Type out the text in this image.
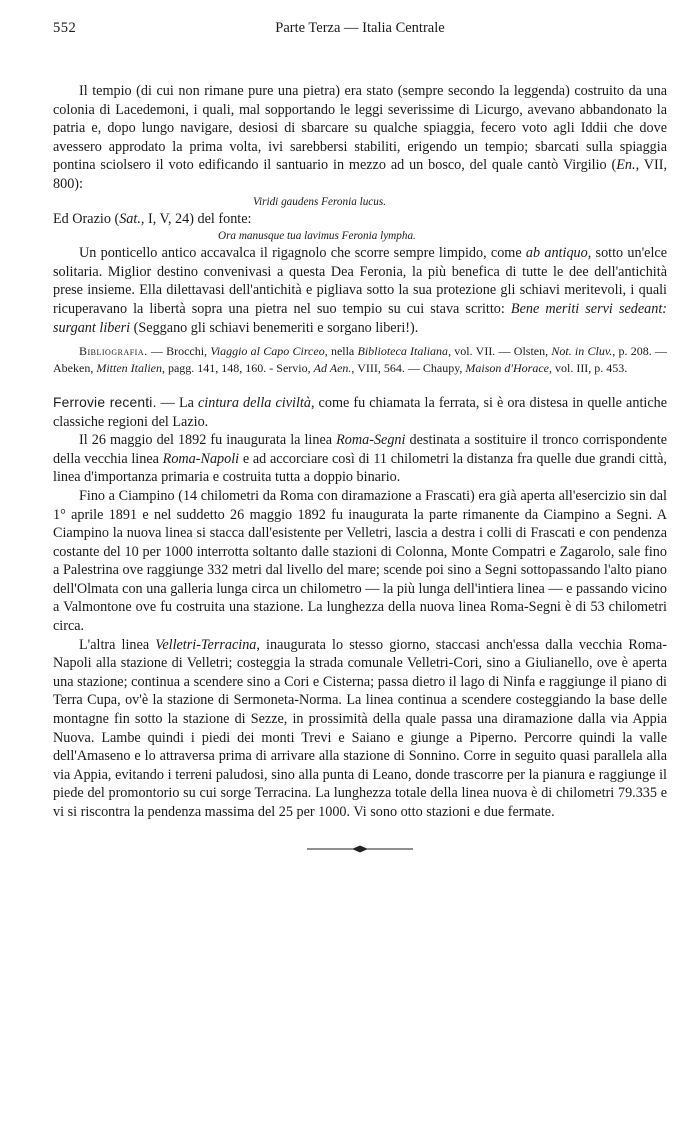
552	Parte Terza — Italia Centrale

Il tempio (di cui non rimane pure una pietra) era stato (sempre secondo la leggenda) costruito da una colonia di Lacedemoni, i quali, mal sopportando le leggi severissime di Licurgo, avevano abbandonato la patria e, dopo lungo navigare, desiosi di sbarcare su qualche spiaggia, fecero voto agli Iddii che dove avessero approdato la prima volta, ivi sarebbersi stabiliti, erigendo un tempio; sbarcati sulla spiaggia pontina sciolsero il voto edificando il santuario in mezzo ad un bosco, del quale cantò Virgilio (En., VII, 800):

Viridi gaudens Feronia lucus.

Ed Orazio (Sat., I, V, 24) del fonte:

Ora manusque tua lavimus Feronia lympha.

Un ponticello antico accavalca il rigagnolo che scorre sempre limpido, come ab antiquo, sotto un'elce solitaria. Miglior destino convenivasi a questa Dea Feronia, la più benefica di tutte le dee dell'antichità prese insieme. Ella dilettavasi dell'antichità e pigliava sotto la sua protezione gli schiavi meritevoli, i quali ricuperavano la libertà sopra una pietra nel suo tempio su cui stava scritto: Bene meriti servi sedeant: surgant liberi (Seggano gli schiavi benemeriti e sorgano liberi!).

Bibliografia. — Brocchi, Viaggio al Capo Circeo, nella Biblioteca Italiana, vol. VII. — Olsten, Not. in Cluv., p. 208. — Abeken, Mitten Italien, pagg. 141, 148, 160. - Servio, Ad Aen., VIII, 564. — Chaupy, Maison d'Horace, vol. III, p. 453.

Ferrovie recenti. — La cintura della civiltà, come fu chiamata la ferrata, si è ora distesa in quelle antiche classiche regioni del Lazio.

Il 26 maggio del 1892 fu inaugurata la linea Roma-Segni destinata a sostituire il tronco corrispondente della vecchia linea Roma-Napoli e ad accorciare così di 11 chilometri la distanza fra quelle due grandi città, linea d'importanza primaria e costruita tutta a doppio binario.

Fino a Ciampino (14 chilometri da Roma con diramazione a Frascati) era già aperta all'esercizio sin dal 1° aprile 1891 e nel suddetto 26 maggio 1892 fu inaugurata la parte rimanente da Ciampino a Segni. A Ciampino la nuova linea si stacca dall'esistente per Velletri, lascia a destra i colli di Frascati e con pendenza costante del 10 per 1000 interrotta soltanto dalle stazioni di Colonna, Monte Compatri e Zagarolo, sale fino a Palestrina ove raggiunge 332 metri dal livello del mare; scende poi sino a Segni sottopassando l'alto piano dell'Olmata con una galleria lunga circa un chilometro — la più lunga dell'intiera linea — e passando vicino a Valmontone ove fu costruita una stazione. La lunghezza della nuova linea Roma-Segni è di 53 chilometri circa.

L'altra linea Velletri-Terracina, inaugurata lo stesso giorno, staccasi anch'essa dalla vecchia Roma-Napoli alla stazione di Velletri; costeggia la strada comunale Velletri-Cori, sino a Giulianello, ove è aperta una stazione; continua a scendere sino a Cori e Cisterna; passa dietro il lago di Ninfa e raggiunge il piano di Terra Cupa, ov'è la stazione di Sermoneta-Norma. La linea continua a scendere costeggiando la base delle montagne fin sotto la stazione di Sezze, in prossimità della quale passa una diramazione dalla via Appia Nuova. Lambe quindi i piedi dei monti Trevi e Saiano e giunge a Piperno. Percorre quindi la valle dell'Amaseno e lo attraversa prima di arrivare alla stazione di Sonnino. Corre in seguito quasi parallela alla via Appia, evitando i terreni paludosi, sino alla punta di Leano, donde trascorre per la pianura e raggiunge il piede del promontorio su cui sorge Terracina. La lunghezza totale della linea nuova è di chilometri 79.335 e vi si riscontra la pendenza massima del 25 per 1000. Vi sono otto stazioni e due fermate.
